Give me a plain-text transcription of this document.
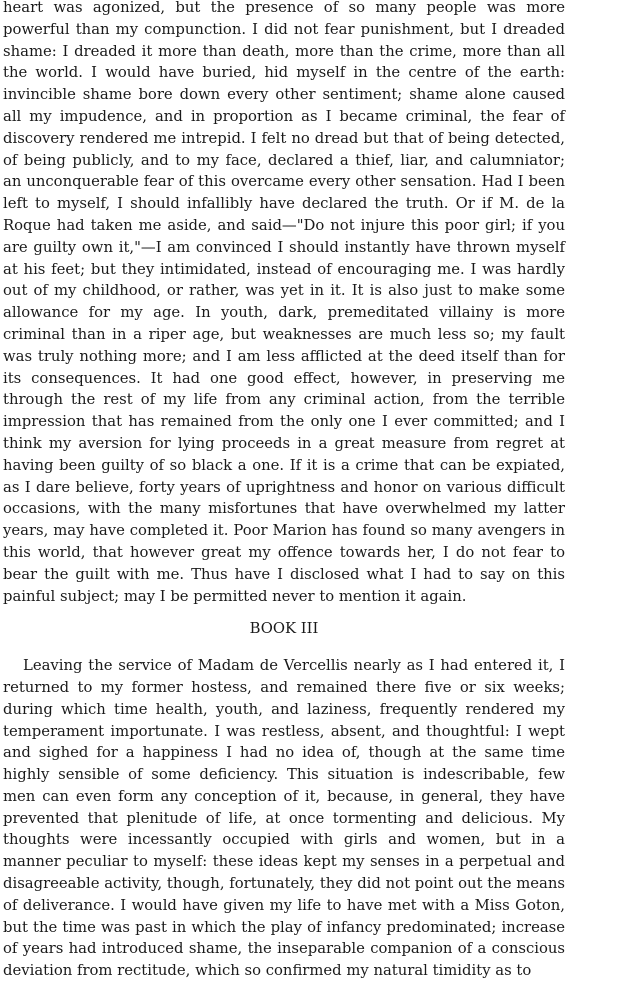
heart was agonized, but the presence of so many people was more powerful than my compunction. I did not fear punishment, but I dreaded shame: I dreaded it more than death, more than the crime, more than all the world. I would have buried, hid myself in the centre of the earth: invincible shame bore down every other sentiment; shame alone caused all my impudence, and in proportion as I became criminal, the fear of discovery rendered me intrepid. I felt no dread but that of being detected, of being publicly, and to my face, declared a thief, liar, and calumniator; an unconquerable fear of this overcame every other sensation. Had I been left to myself, I should infallibly have declared the truth. Or if M. de la Roque had taken me aside, and said—"Do not injure this poor girl; if you are guilty own it,"—I am convinced I should instantly have thrown myself at his feet; but they intimidated, instead of encouraging me. I was hardly out of my childhood, or rather, was yet in it. It is also just to make some allowance for my age. In youth, dark, premeditated villainy is more criminal than in a riper age, but weaknesses are much less so; my fault was truly nothing more; and I am less afflicted at the deed itself than for its consequences. It had one good effect, however, in preserving me through the rest of my life from any criminal action, from the terrible impression that has remained from the only one I ever committed; and I think my aversion for lying proceeds in a great measure from regret at having been guilty of so black a one. If it is a crime that can be expiated, as I dare believe, forty years of uprightness and honor on various difficult occasions, with the many misfortunes that have overwhelmed my latter years, may have completed it. Poor Marion has found so many avengers in this world, that however great my offence towards her, I do not fear to bear the guilt with me. Thus have I disclosed what I had to say on this painful subject; may I be permitted never to mention it again.

BOOK III

Leaving the service of Madam de Vercellis nearly as I had entered it, I returned to my former hostess, and remained there five or six weeks; during which time health, youth, and laziness, frequently rendered my temperament importunate. I was restless, absent, and thoughtful: I wept and sighed for a happiness I had no idea of, though at the same time highly sensible of some deficiency. This situation is indescribable, few men can even form any conception of it, because, in general, they have prevented that plenitude of life, at once tormenting and delicious. My thoughts were incessantly occupied with girls and women, but in a manner peculiar to myself: these ideas kept my senses in a perpetual and disagreeable activity, though, fortunately, they did not point out the means of deliverance. I would have given my life to have met with a Miss Goton, but the time was past in which the play of infancy predominated; increase of years had introduced shame, the inseparable companion of a conscious deviation from rectitude, which so confirmed my natural timidity as to
